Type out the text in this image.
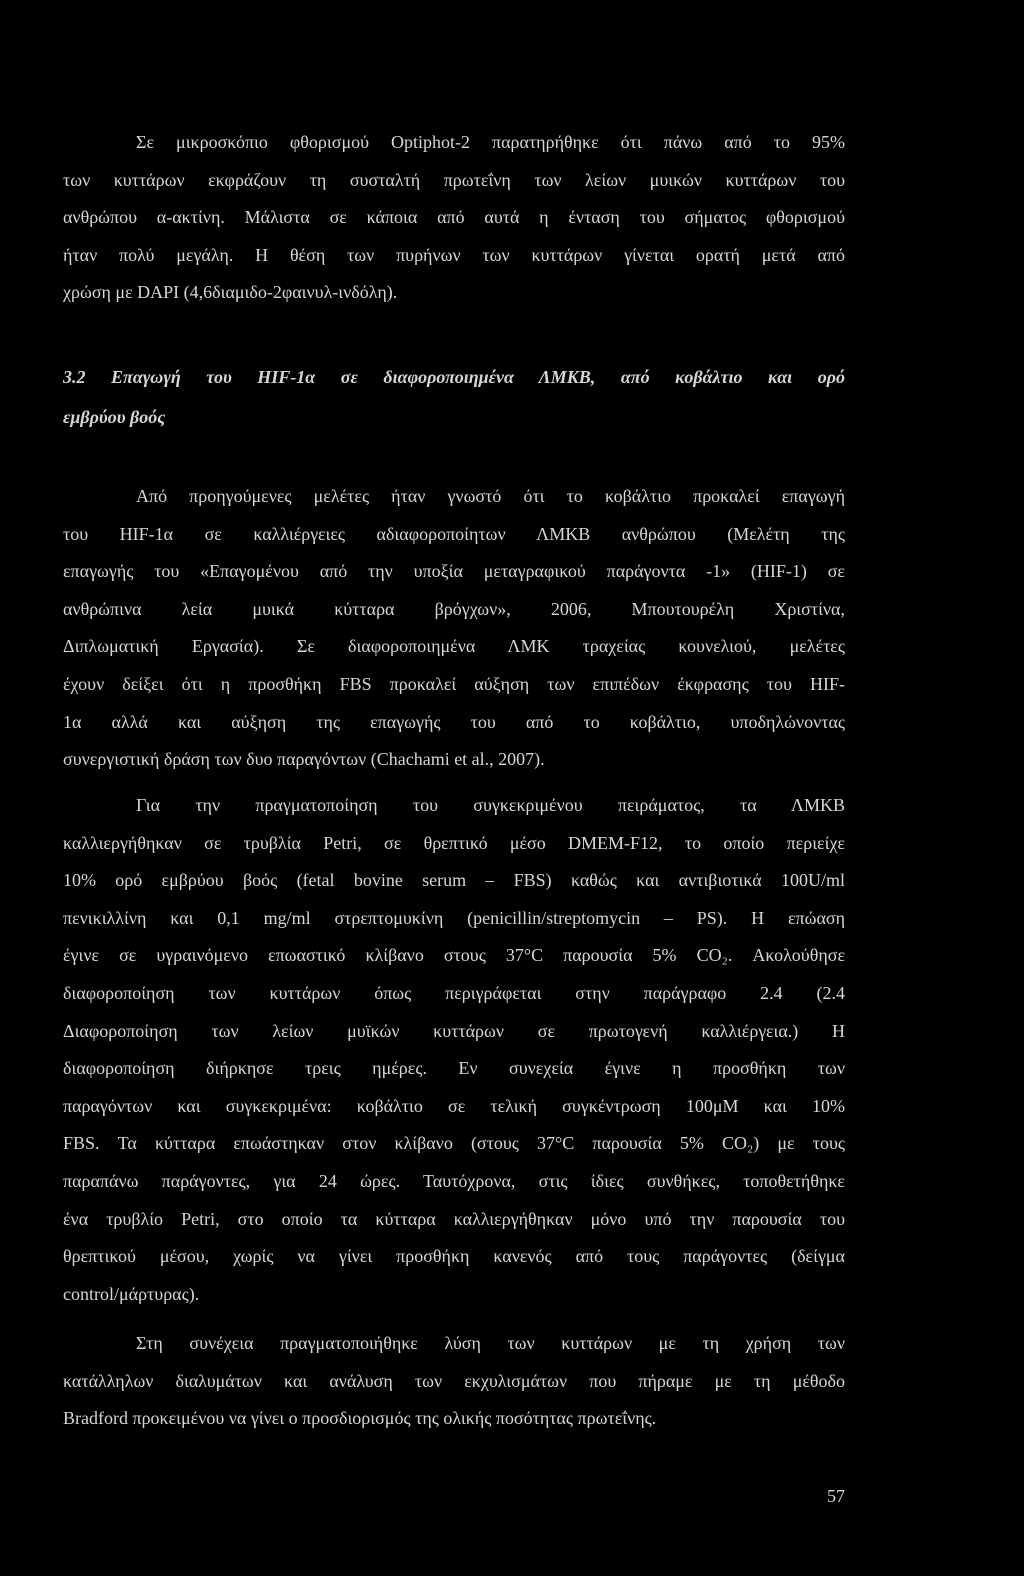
Σε μικροσκόπιο φθορισμού Optiphot-2 παρατηρήθηκε ότι πάνω από το 95%
των κυττάρων εκφράζουν τη συσταλτή πρωτεΐνη των λείων μυικών κυττάρων του
ανθρώπου α-ακτίνη. Μάλιστα σε κάποια από αυτά η ένταση του σήματος φθορισμού
ήταν πολύ μεγάλη. Η θέση των πυρήνων των κυττάρων γίνεται ορατή μετά από
χρώση με DAPI (4,6διαμιδο-2φαινυλ-ινδόλη).
3.2 Επαγωγή του HIF-1α σε διαφοροποιημένα ΛΜΚΒ, από κοβάλτιο και ορό
εμβρύου βοός
Από προηγούμενες μελέτες ήταν γνωστό ότι το κοβάλτιο προκαλεί επαγωγή
του HIF-1α σε καλλιέργειες αδιαφοροποίητων ΛΜΚΒ ανθρώπου (Μελέτη της
επαγωγής του «Επαγομένου από την υποξία μεταγραφικού παράγοντα -1» (HIF-1) σε
ανθρώπινα λεία μυικά κύτταρα βρόγχων», 2006, Μπουτουρέλη Χριστίνα,
Διπλωματική Εργασία). Σε διαφοροποιημένα ΛΜΚ τραχείας κουνελιού, μελέτες
έχουν δείξει ότι η προσθήκη FBS προκαλεί αύξηση των επιπέδων έκφρασης του HIF-
1α αλλά και αύξηση της επαγωγής του από το κοβάλτιο, υποδηλώνοντας
συνεργιστική δράση των δυο παραγόντων (Chachami et al., 2007).
Για την πραγματοποίηση του συγκεκριμένου πειράματος, τα ΛΜΚΒ
καλλιεργήθηκαν σε τρυβλία Petri, σε θρεπτικό μέσο DMEM-F12, το οποίο περιείχε
10% ορό εμβρύου βοός (fetal bovine serum – FBS) καθώς και αντιβιοτικά 100U/ml
πενικιλλίνη και 0,1 mg/ml στρεπτομυκίνη (penicillin/streptomycin – PS). Η επώαση
έγινε σε υγραινόμενο επωαστικό κλίβανο στους 37°C παρουσία 5% CO₂. Ακολούθησε
διαφοροποίηση των κυττάρων όπως περιγράφεται στην παράγραφο 2.4 (2.4
Διαφοροποίηση των λείων μυϊκών κυττάρων σε πρωτογενή καλλιέργεια.) Η
διαφοροποίηση διήρκησε τρεις ημέρες. Εν συνεχεία έγινε η προσθήκη των
παραγόντων και συγκεκριμένα: κοβάλτιο σε τελική συγκέντρωση 100μΜ και 10%
FBS. Τα κύτταρα επωάστηκαν στον κλίβανο (στους 37°C παρουσία 5% CO₂) με τους
παραπάνω παράγοντες, για 24 ώρες. Ταυτόχρονα, στις ίδιες συνθήκες, τοποθετήθηκε
ένα τρυβλίο Petri, στο οποίο τα κύτταρα καλλιεργήθηκαν μόνο υπό την παρουσία του
θρεπτικού μέσου, χωρίς να γίνει προσθήκη κανενός από τους παράγοντες (δείγμα
control/μάρτυρας).
Στη συνέχεια πραγματοποιήθηκε λύση των κυττάρων με τη χρήση των
κατάλληλων διαλυμάτων και ανάλυση των εκχυλισμάτων που πήραμε με τη μέθοδο
Bradford προκειμένου να γίνει ο προσδιορισμός της ολικής ποσότητας πρωτεΐνης.
57
